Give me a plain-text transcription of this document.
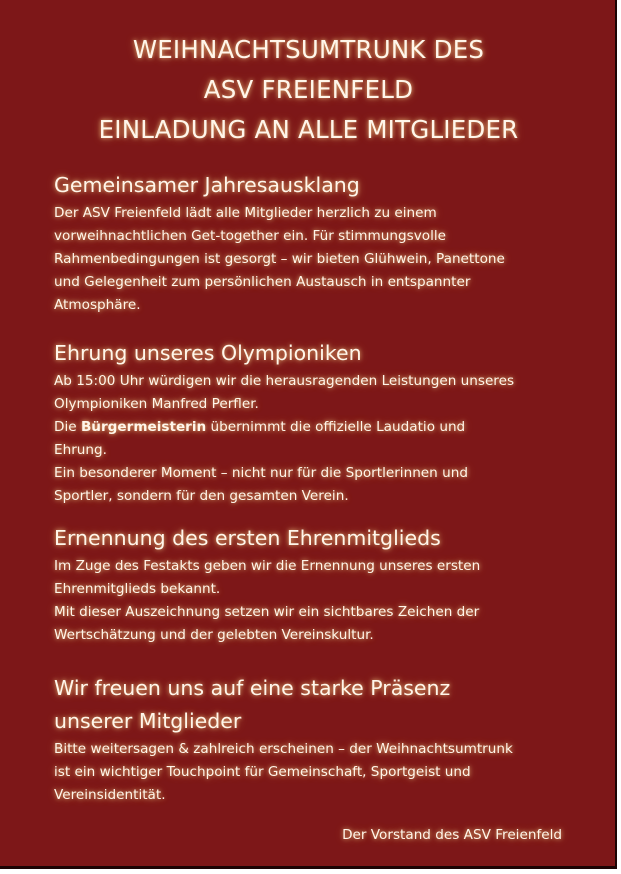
WEIHNACHTSUMTRUNK DES
ASV FREIENFELD
EINLADUNG AN ALLE MITGLIEDER
Gemeinsamer Jahresausklang

Der ASV Freienfeld lädt alle Mitglieder herzlich zu einem

vorweihnachtlichen Get-together ein. Für stimmungsvolle

Rahmenbedingungen ist gesorgt – wir bieten Glühwein, Panettone

und Gelegenheit zum persönlichen Austausch in entspannter

Atmosphäre.

Ehrung unseres Olympioniken

Ab 15:00 Uhr würdigen wir die herausragenden Leistungen unseres

Olympioniken Manfred Perfler.

Die Bürgermeisterin übernimmt die offizielle Laudatio und

Ehrung.

Ein besonderer Moment – nicht nur für die Sportlerinnen und

Sportler, sondern für den gesamten Verein.

Ernennung des ersten Ehrenmitglieds

Im Zuge des Festakts geben wir die Ernennung unseres ersten

Ehrenmitglieds bekannt.

Mit dieser Auszeichnung setzen wir ein sichtbares Zeichen der

Wertschätzung und der gelebten Vereinskultur.

Wir freuen uns auf eine starke Präsenz
unserer Mitglieder

Bitte weitersagen & zahlreich erscheinen – der Weihnachtsumtrunk

ist ein wichtiger Touchpoint für Gemeinschaft, Sportgeist und

Vereinsidentität.

Der Vorstand des ASV Freienfeld
